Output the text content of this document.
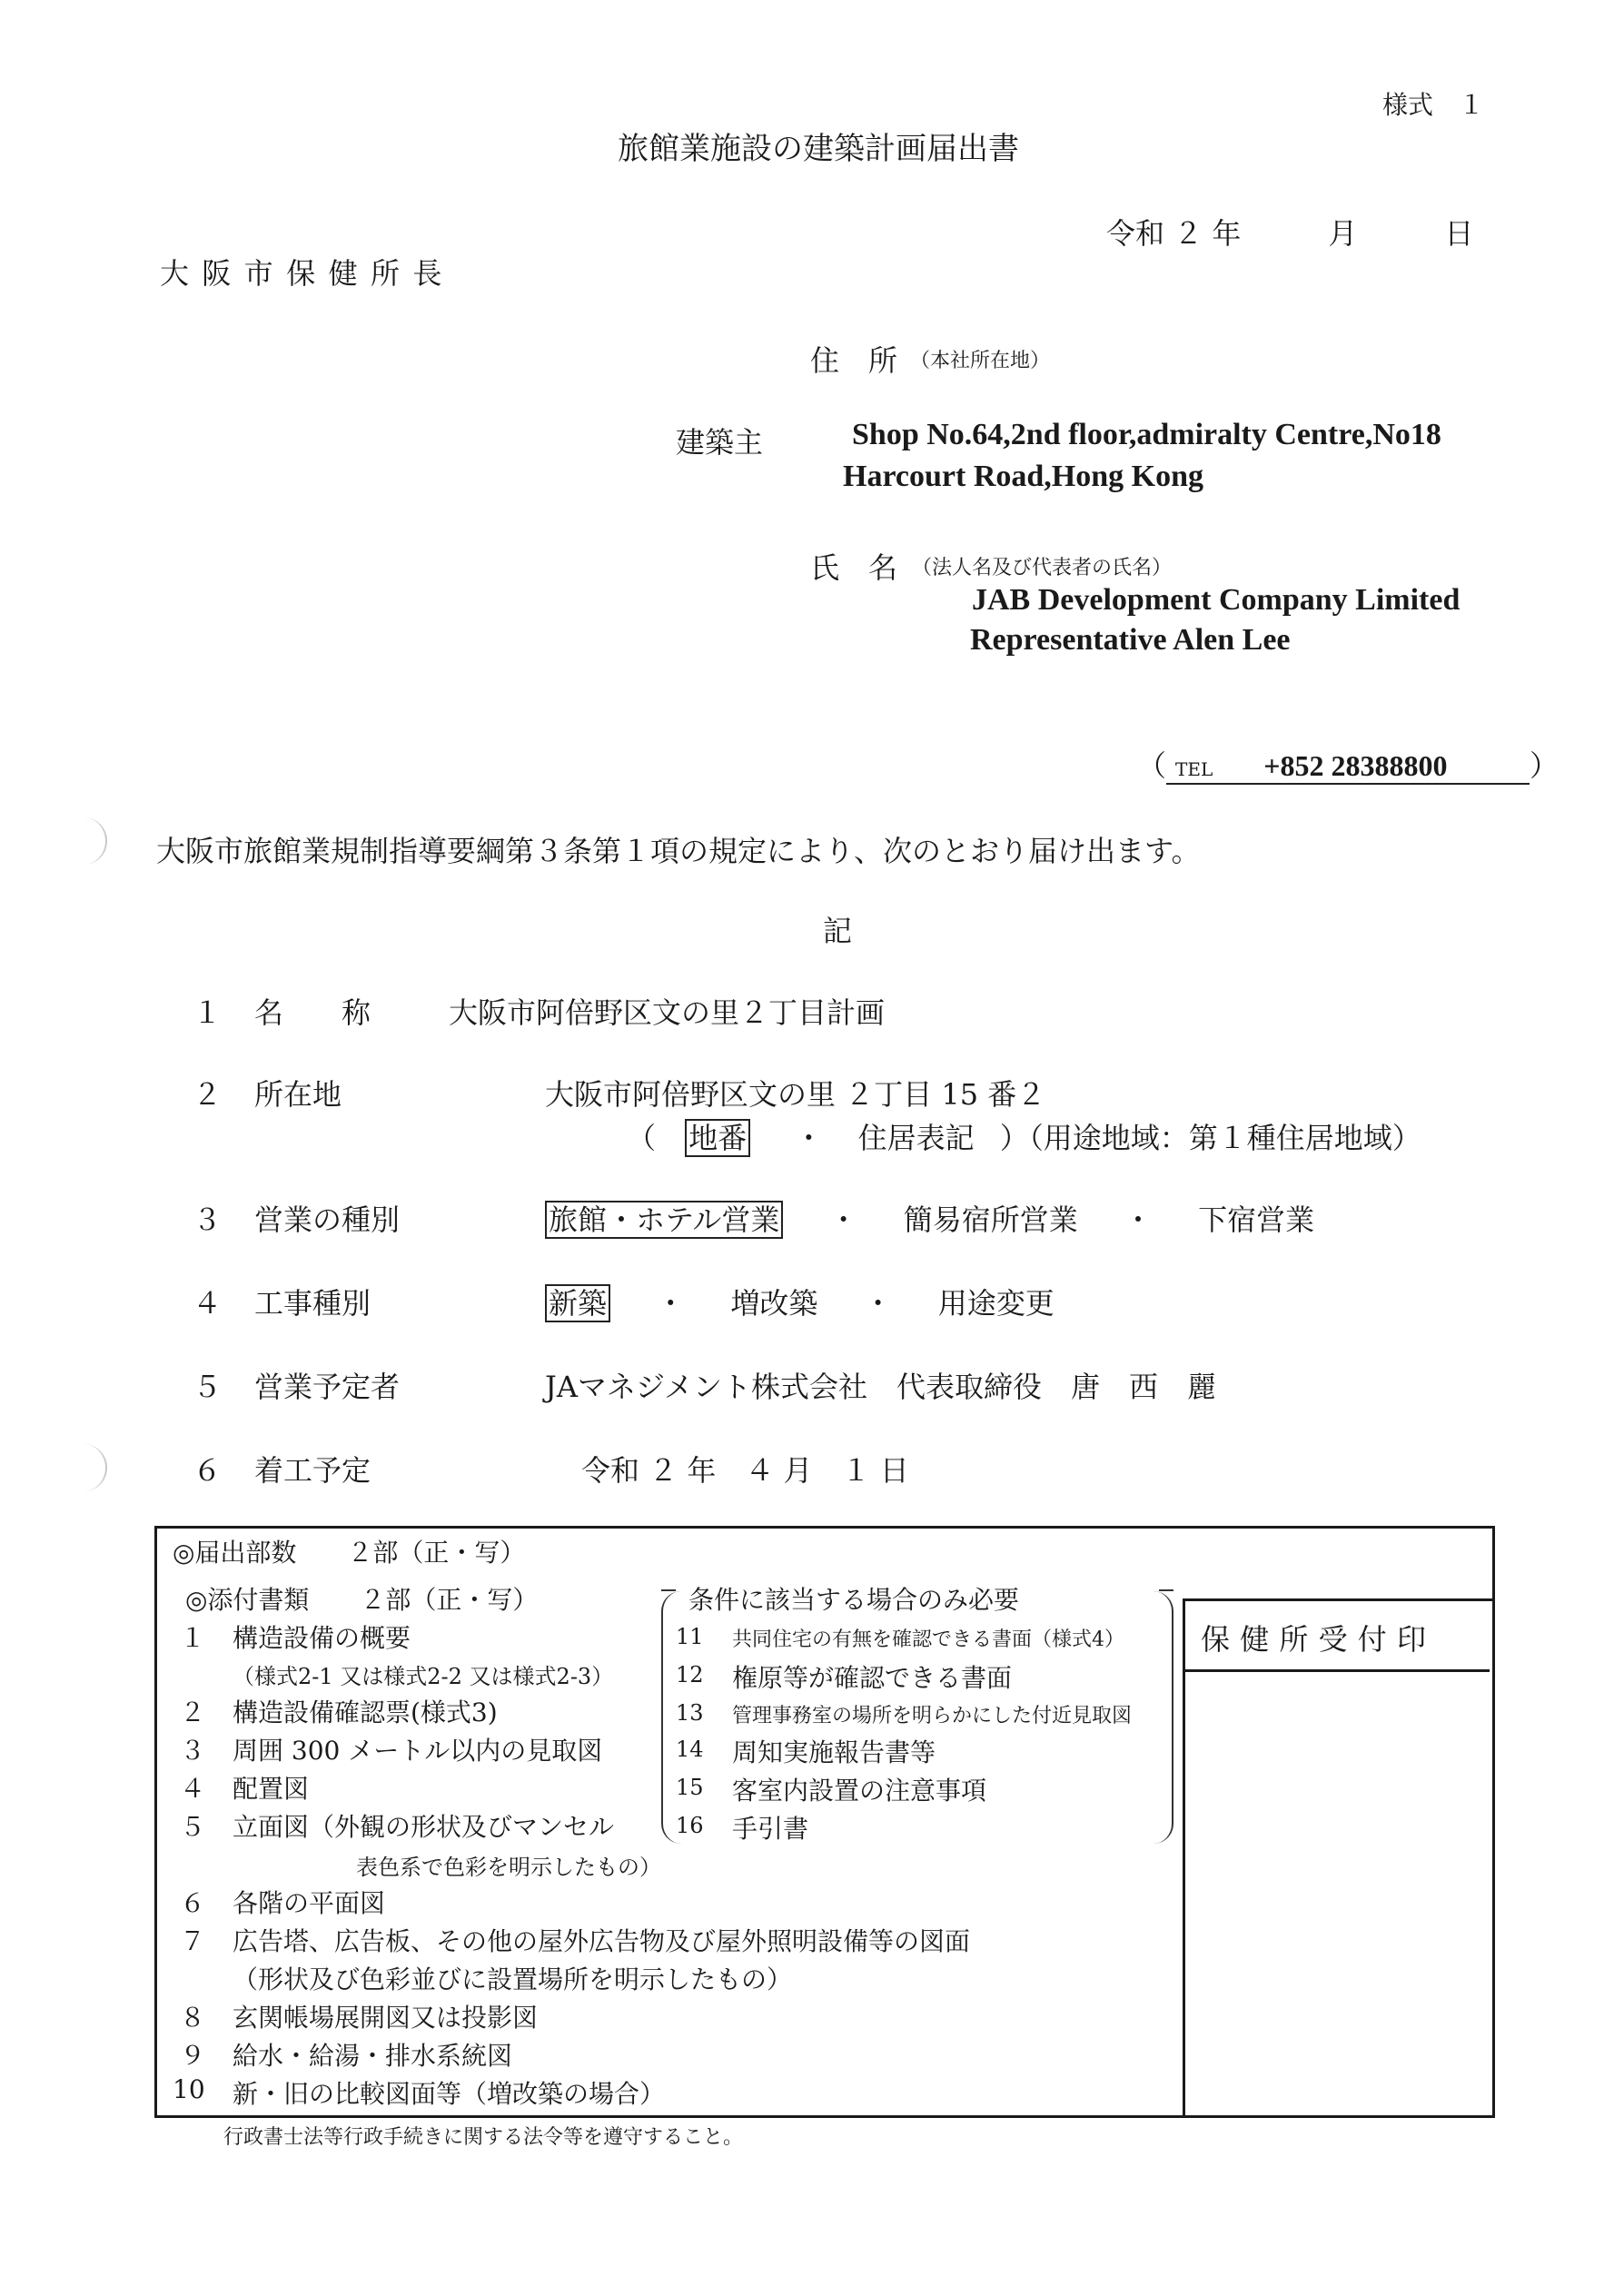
様式　１
旅館業施設の建築計画届出書
令和 ２ 年　　　月　　　日
大阪市保健所長
住　所 （本社所在地）
建築主	Shop No.64,2nd floor,admiralty Centre,No18
Harcourt Road,Hong Kong
氏　名 （法人名及び代表者の氏名）
JAB Development Company Limited
Representative Alen Lee
（ TEL +852 28388800	）
大阪市旅館業規制指導要綱第３条第１項の規定により、次のとおり届け出ます。
記
１ 名　　称	大阪市阿倍野区文の里２丁目計画
２ 所在地	大阪市阿倍野区文の里 ２丁目 15 番２
（ 地番 ・ 住居表記 ）（用途地域：第１種住居地域）
３ 営業の種別	旅館・ホテル営業 ・ 簡易宿所営業 ・ 下宿営業
４ 工事種別	新築 ・ 増改築 ・ 用途変更
５ 営業予定者	JAマネジメント株式会社　代表取締役　唐　西　麗
６ 着工予定	令和 ２ 年　４ 月　１ 日
保健所受付印
◎届出部数　　２部（正・写）
◎添付書類　　２部（正・写）	条件に該当する場合のみ必要
１ 構造設備の概要
（様式2-1 又は様式2-2 又は様式2-3）
２ 構造設備確認票(様式3)
３ 周囲 300 メートル以内の見取図
４ 配置図
５ 立面図（外観の形状及びマンセル
表色系で色彩を明示したもの）
６ 各階の平面図
７ 広告塔、広告板、その他の屋外広告物及び屋外照明設備等の図面
（形状及び色彩並びに設置場所を明示したもの）
８ 玄関帳場展開図又は投影図
９ 給水・給湯・排水系統図
10 新・旧の比較図面等（増改築の場合）
11 共同住宅の有無を確認できる書面（様式4）
12 権原等が確認できる書面
13 管理事務室の場所を明らかにした付近見取図
14 周知実施報告書等
15 客室内設置の注意事項
16 手引書
行政書士法等行政手続きに関する法令等を遵守すること。
